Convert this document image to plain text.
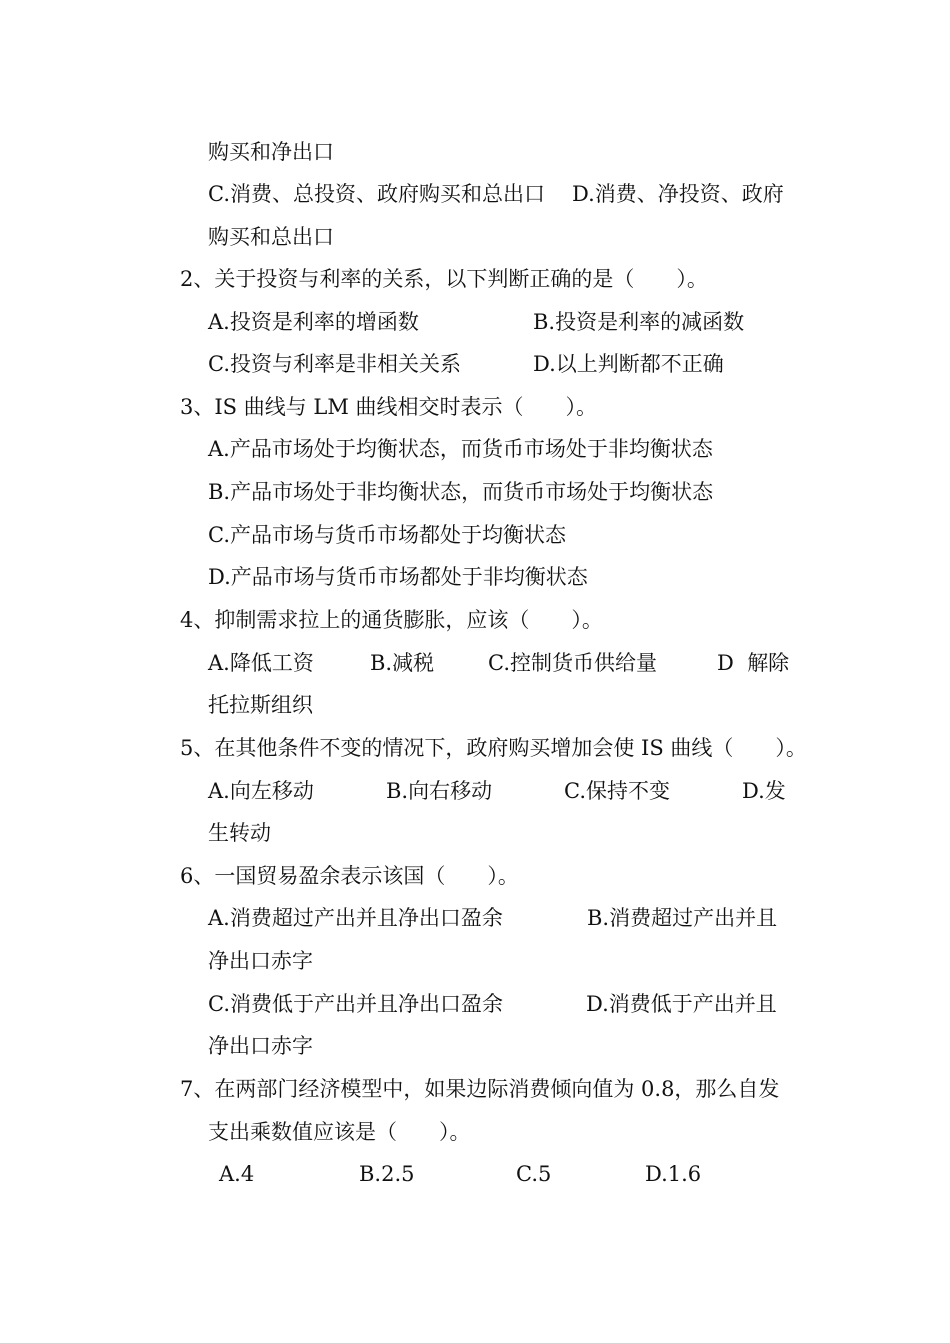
购买和净出口
C.消费、总投资、政府购买和总出口 D.消费、净投资、政府
购买和总出口
2、关于投资与利率的关系，以下判断正确的是（　　）。
A.投资是利率的增函数	B.投资是利率的减函数
C.投资与利率是非相关关系	D.以上判断都不正确
3、IS 曲线与 LM 曲线相交时表示（　　）。
A.产品市场处于均衡状态，而货币市场处于非均衡状态
B.产品市场处于非均衡状态，而货币市场处于均衡状态
C.产品市场与货币市场都处于均衡状态
D.产品市场与货币市场都处于非均衡状态
4、抑制需求拉上的通货膨胀，应该（　　）。
A.降低工资	B.减税	C.控制货币供给量	D  解除
托拉斯组织
5、在其他条件不变的情况下，政府购买增加会使 IS 曲线（　　）。
A.向左移动	B.向右移动	C.保持不变	D.发
生转动
6、一国贸易盈余表示该国（　　）。
A.消费超过产出并且净出口盈余	B.消费超过产出并且
净出口赤字
C.消费低于产出并且净出口盈余	D.消费低于产出并且
净出口赤字
7、在两部门经济模型中，如果边际消费倾向值为 0.8，那么自发
支出乘数值应该是（　　）。
A.4	B.2.5	C.5	D.1.6
